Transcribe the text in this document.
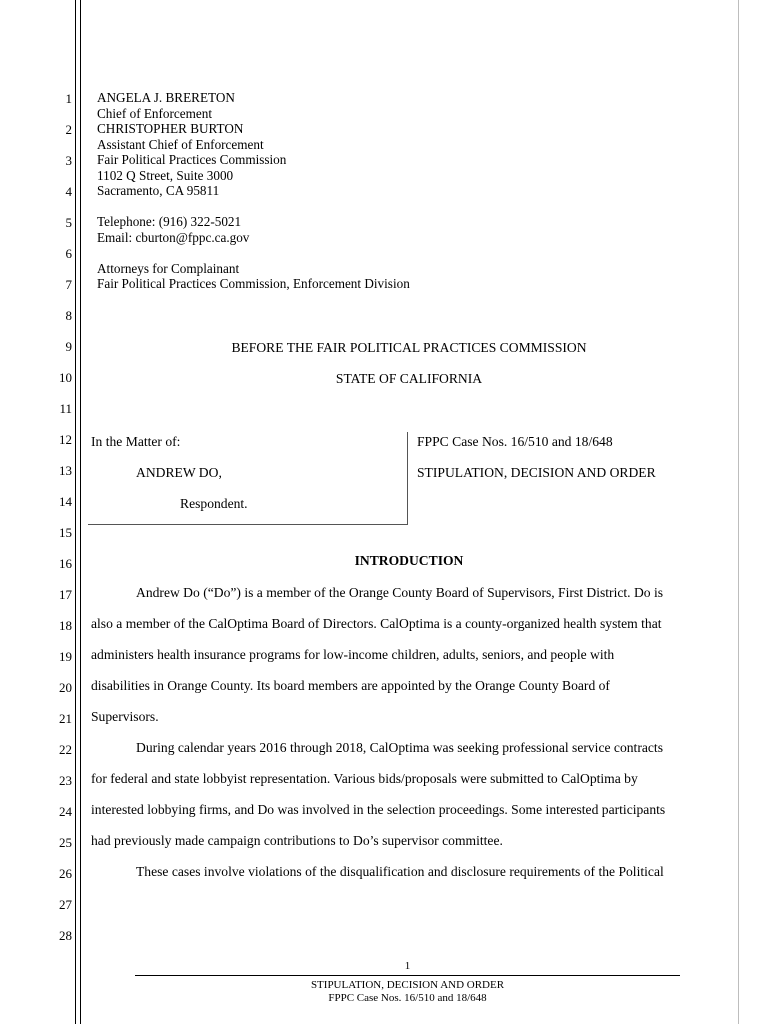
1
2
3
4
5
6
7
8
9
10
11
12
13
14
15
16
17
18
19
20
21
22
23
24
25
26
27
28
ANGELA J. BRERETON
Chief of Enforcement
CHRISTOPHER BURTON
Assistant Chief of Enforcement
Fair Political Practices Commission
1102 Q Street, Suite 3000
Sacramento, CA 95811
Telephone: (916) 322-5021
Email: cburton@fppc.ca.gov
Attorneys for Complainant
Fair Political Practices Commission, Enforcement Division
BEFORE THE FAIR POLITICAL PRACTICES COMMISSION
STATE OF CALIFORNIA
In the Matter of:
ANDREW DO,
Respondent.
FPPC Case Nos. 16/510 and 18/648
STIPULATION, DECISION AND ORDER
INTRODUCTION
Andrew Do (“Do”) is a member of the Orange County Board of Supervisors, First District. Do is
also a member of the CalOptima Board of Directors. CalOptima is a county-organized health system that
administers health insurance programs for low-income children, adults, seniors, and people with
disabilities in Orange County. Its board members are appointed by the Orange County Board of
Supervisors.
During calendar years 2016 through 2018, CalOptima was seeking professional service contracts
for federal and state lobbyist representation. Various bids/proposals were submitted to CalOptima by
interested lobbying firms, and Do was involved in the selection proceedings. Some interested participants
had previously made campaign contributions to Do’s supervisor committee.
These cases involve violations of the disqualification and disclosure requirements of the Political
1
STIPULATION, DECISION AND ORDER
FPPC Case Nos. 16/510 and 18/648
